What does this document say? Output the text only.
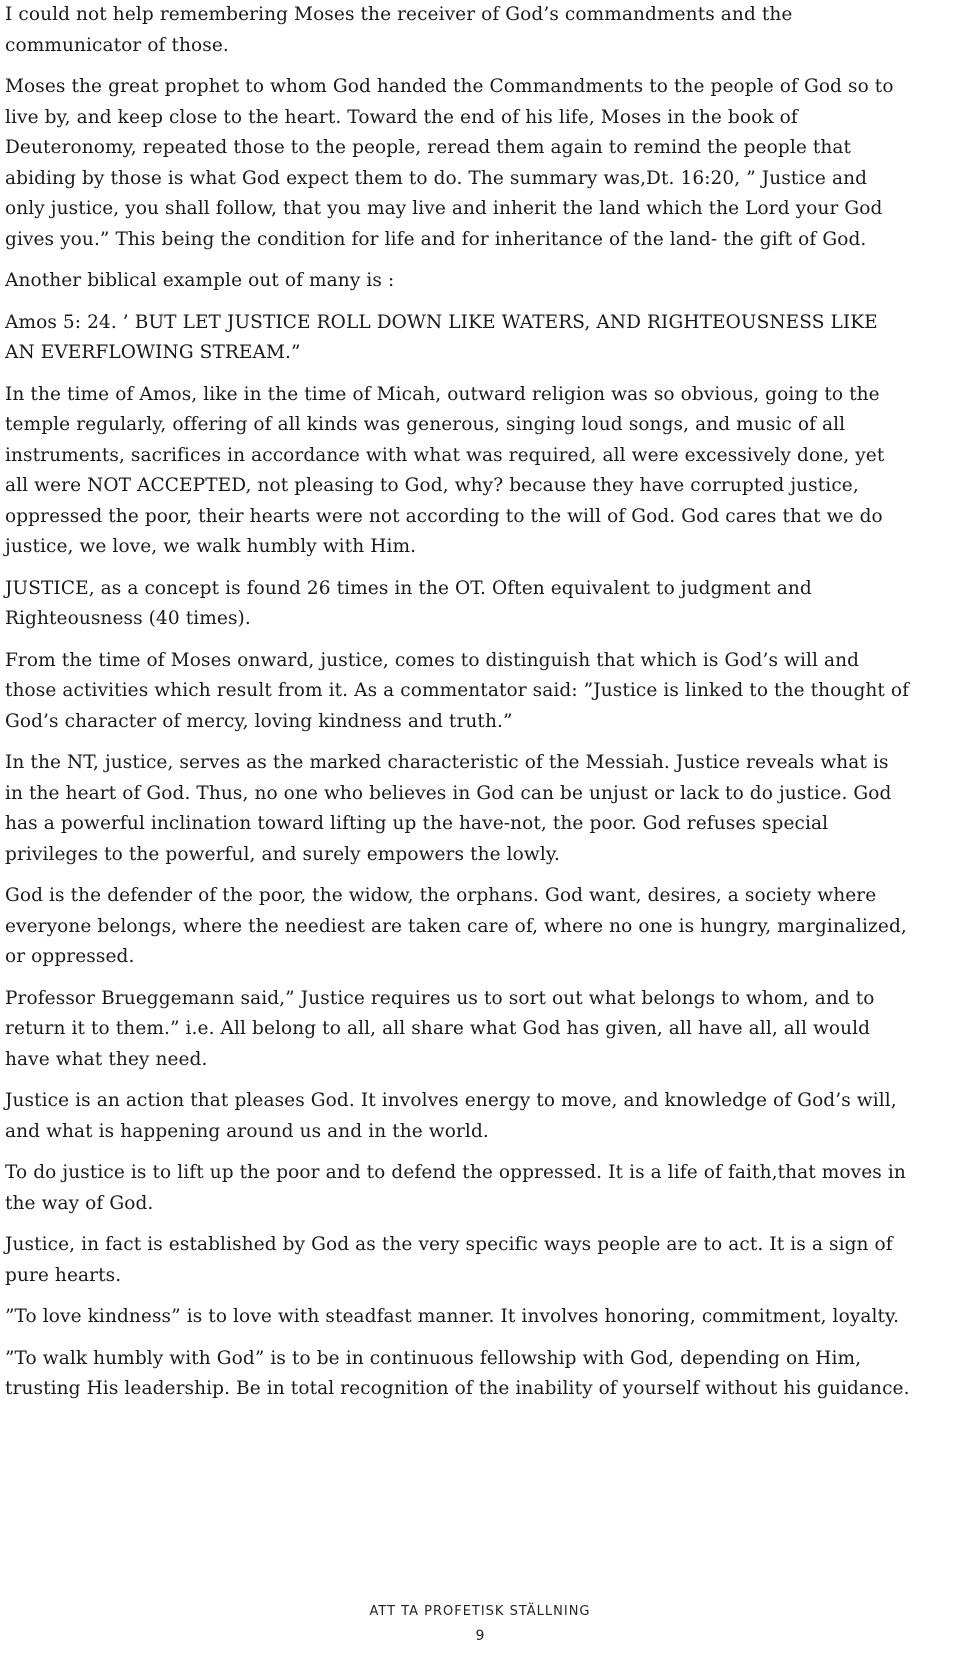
I could not help remembering Moses the receiver of God’s commandments and the communicator of those.

Moses the great prophet to whom God handed the Commandments to the people of God so to live by, and keep close to the heart. Toward the end of his life, Moses in the book of Deuteronomy, repeated those to the people, reread them again to remind the people that abiding by those is what God expect them to do. The summary was,Dt. 16:20, ” Justice and only justice, you shall follow, that you may live and inherit the land which the Lord your God gives you.” This being the condition for life and for inheritance of the land- the gift of God.

Another biblical example out of many is :

Amos 5: 24. ’ BUT LET JUSTICE ROLL DOWN LIKE WATERS, AND RIGHTEOUSNESS LIKE AN EVERFLOWING STREAM.”

In the time of Amos, like in the time of Micah, outward religion was so obvious, going to the temple regularly, offering of all kinds was generous, singing loud songs, and music of all instruments, sacrifices in accordance with what was required, all were excessively done, yet all were NOT ACCEPTED, not pleasing to God, why? because they have corrupted justice, oppressed the poor, their hearts were not according to the will of God. God cares that we do justice, we love, we walk humbly with Him.

JUSTICE, as a concept is found 26 times in the OT. Often equivalent to judgment and Righteousness (40 times).

From the time of Moses onward, justice, comes to distinguish that which is God’s will and those activities which result from it. As a commentator said: ”Justice is linked to the thought of God’s character of mercy, loving kindness and truth.”

In the NT, justice, serves as the marked characteristic of the Messiah. Justice reveals what is in the heart of God. Thus, no one who believes in God can be unjust or lack to do justice. God has a powerful inclination toward lifting up the have-not, the poor. God refuses special privileges to the powerful, and surely empowers the lowly.

God is the defender of the poor, the widow, the orphans. God want, desires, a society where everyone belongs, where the neediest are taken care of, where no one is hungry, marginalized, or oppressed.

Professor Brueggemann said,” Justice requires us to sort out what belongs to whom, and to return it to them.” i.e. All belong to all, all share what God has given, all have all, all would have what they need.

Justice is an action that pleases God. It involves energy to move, and knowledge of God’s will, and what is happening around us and in the world.

To do justice is to lift up the poor and to defend the oppressed. It is a life of faith,that moves in the way of God.

Justice, in fact is established by God as the very specific ways people are to act. It is a sign of pure hearts.

”To love kindness” is to love with steadfast manner. It involves honoring, commitment, loyalty.

”To walk humbly with God” is to be in continuous fellowship with God, depending on Him, trusting His leadership. Be in total recognition of the inability of yourself without his guidance.

ATT TA PROFETISK STÄLLNING
9
